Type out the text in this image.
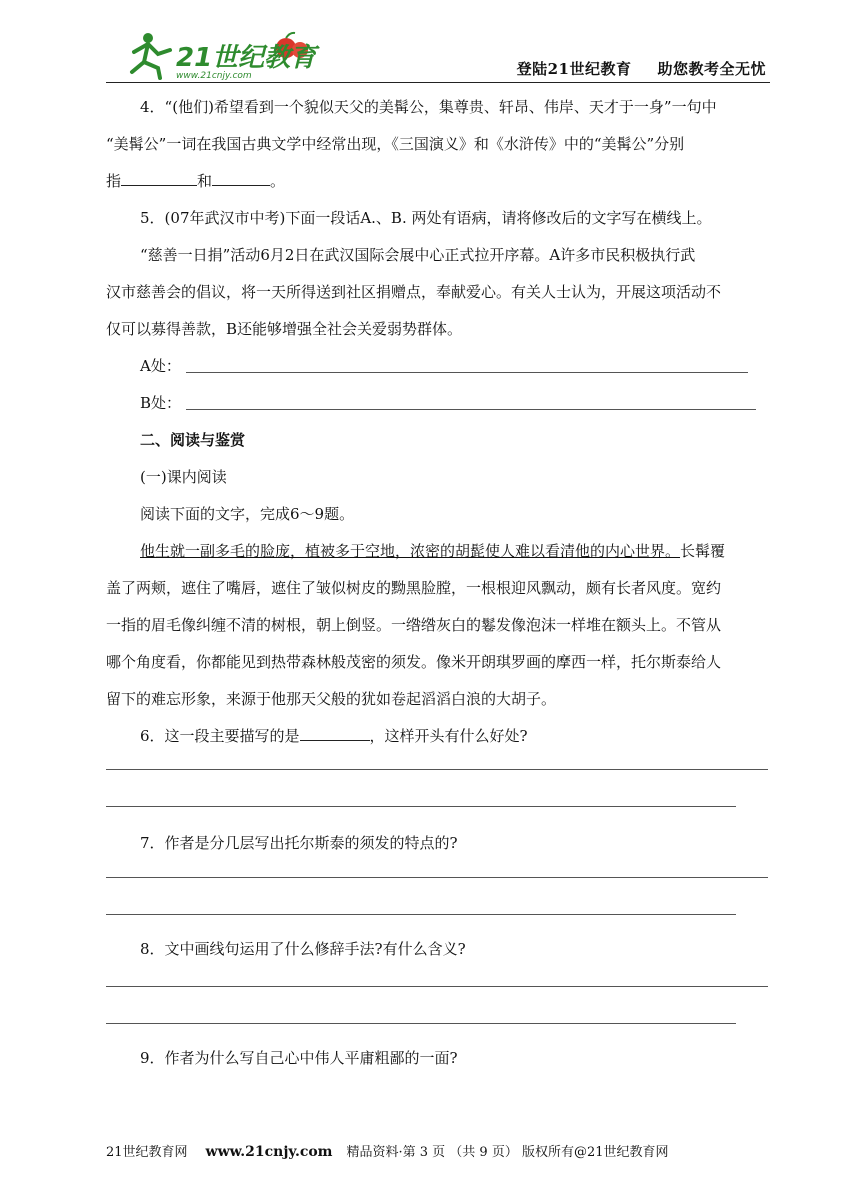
21世纪教育
www.21cnjy.com	登陆21世纪教育 助您教考全无忧
4．“(他们)希望看到一个貌似天父的美髯公，集尊贵、轩昂、伟岸、天才于一身”一句中
“美髯公”一词在我国古典文学中经常出现，《三国演义》和《水浒传》中的“美髯公”分别
指	和	。
5．(07年武汉市中考)下面一段话A.、B. 两处有语病，请将修改后的文字写在横线上。
“慈善一日捐”活动6月2日在武汉国际会展中心正式拉开序幕。A许多市民积极执行武
汉市慈善会的倡议，将一天所得送到社区捐赠点，奉献爱心。有关人士认为，开展这项活动不
仅可以募得善款，B还能够增强全社会关爱弱势群体。
A处：
B处：
二、阅读与鉴赏
(一)课内阅读
阅读下面的文字，完成6～9题。
他生就一副多毛的脸庞，植被多于空地，浓密的胡髭使人难以看清他的内心世界。长髯覆
盖了两颊，遮住了嘴唇，遮住了皱似树皮的黝黑脸膛，一根根迎风飘动，颇有长者风度。宽约
一指的眉毛像纠缠不清的树根，朝上倒竖。一绺绺灰白的鬈发像泡沫一样堆在额头上。不管从
哪个角度看，你都能见到热带森林般茂密的须发。像米开朗琪罗画的摩西一样，托尔斯泰给人
留下的难忘形象，来源于他那天父般的犹如卷起滔滔白浪的大胡子。
6．这一段主要描写的是	，这样开头有什么好处?
7．作者是分几层写出托尔斯泰的须发的特点的?
8．文中画线句运用了什么修辞手法?有什么含义?
9．作者为什么写自己心中伟人平庸粗鄙的一面?
21世纪教育网 www.21cnjy.com 精品资料·第 3 页 （共 9 页） 版权所有@21世纪教育网
